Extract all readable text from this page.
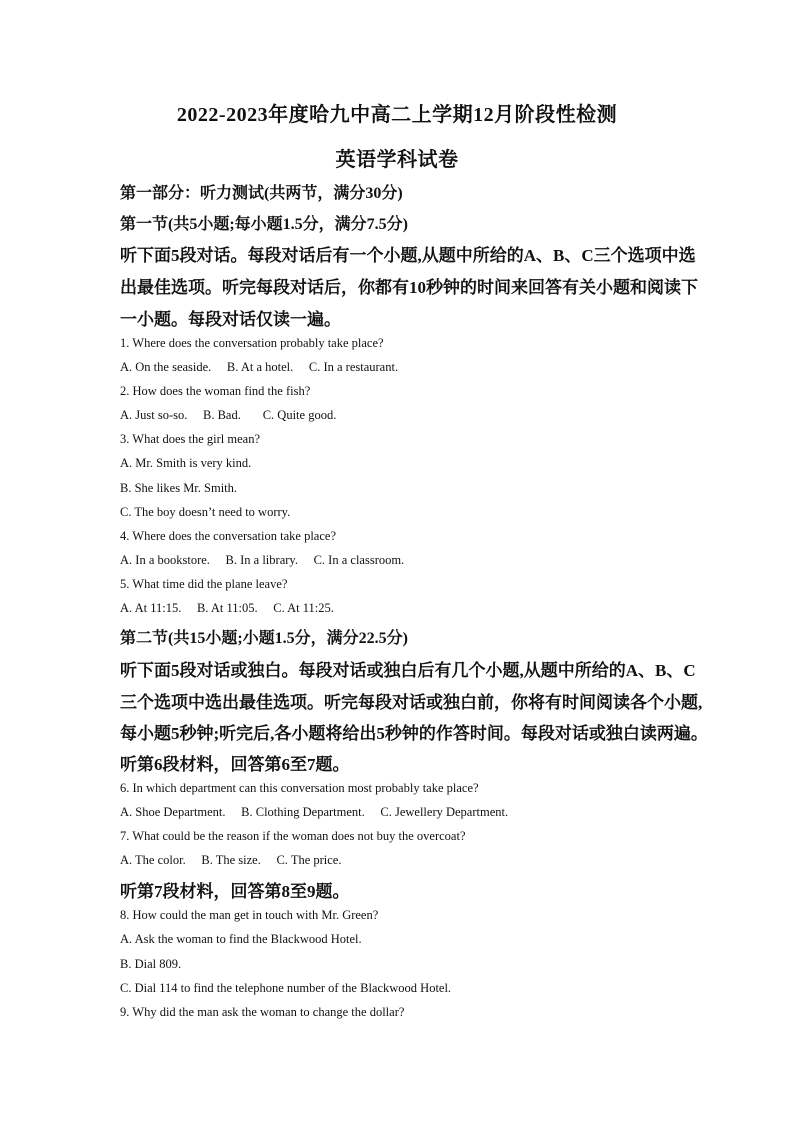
2022-2023年度哈九中高二上学期12月阶段性检测
英语学科试卷
第一部分：听力测试(共两节，满分30分)
第一节(共5小题;每小题1.5分，满分7.5分)
听下面5段对话。每段对话后有一个小题,从题中所给的A、B、C三个选项中选
出最佳选项。听完每段对话后，你都有10秒钟的时间来回答有关小题和阅读下
一小题。每段对话仅读一遍。
1. Where does the conversation probably take place?
A. On the seaside.     B. At a hotel.     C. In a restaurant.
2. How does the woman find the fish?
A. Just so-so.     B. Bad.       C. Quite good.
3. What does the girl mean?
A. Mr. Smith is very kind.
B. She likes Mr. Smith.
C. The boy doesn’t need to worry.
4. Where does the conversation take place?
A. In a bookstore.     B. In a library.     C. In a classroom.
5. What time did the plane leave?
A. At 11:15.     B. At 11:05.     C. At 11:25.
第二节(共15小题;小题1.5分，满分22.5分)
听下面5段对话或独白。每段对话或独白后有几个小题,从题中所给的A、B、C
三个选项中选出最佳选项。听完每段对话或独白前，你将有时间阅读各个小题,
每小题5秒钟;听完后,各小题将给出5秒钟的作答时间。每段对话或独白读两遍。
听第6段材料，回答第6至7题。
6. In which department can this conversation most probably take place?
A. Shoe Department.     B. Clothing Department.     C. Jewellery Department.
7. What could be the reason if the woman does not buy the overcoat?
A. The color.     B. The size.     C. The price.
听第7段材料，回答第8至9题。
8. How could the man get in touch with Mr. Green?
A. Ask the woman to find the Blackwood Hotel.
B. Dial 809.
C. Dial 114 to find the telephone number of the Blackwood Hotel.
9. Why did the man ask the woman to change the dollar?
